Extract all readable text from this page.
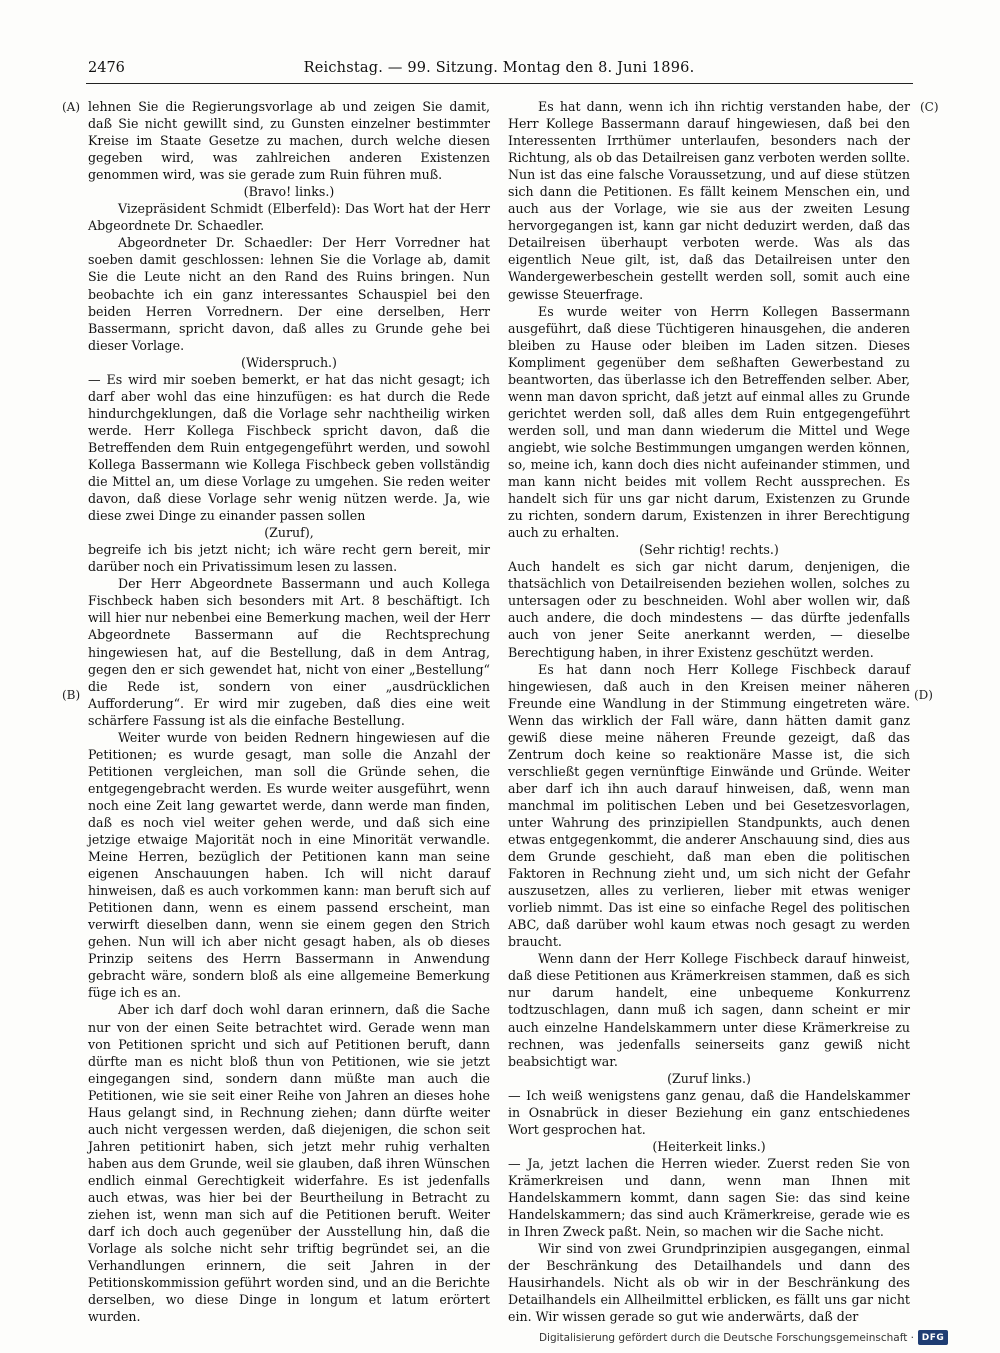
2476	Reichstag. — 99. Sitzung. Montag den 8. Juni 1896.
(A)
(B)
(C)
(D)

lehnen Sie die Regierungsvorlage ab und zeigen Sie damit, daß Sie nicht gewillt sind, zu Gunsten einzelner bestimmter Kreise im Staate Gesetze zu machen, durch welche diesen gegeben wird, was zahlreichen anderen Existenzen genommen wird, was sie gerade zum Ruin führen muß.

(Bravo! links.)

Vizepräsident Schmidt (Elberfeld): Das Wort hat der Herr Abgeordnete Dr. Schaedler.

Abgeordneter Dr. Schaedler: Der Herr Vorredner hat soeben damit geschlossen: lehnen Sie die Vorlage ab, damit Sie die Leute nicht an den Rand des Ruins bringen. Nun beobachte ich ein ganz interessantes Schauspiel bei den beiden Herren Vorrednern. Der eine derselben, Herr Bassermann, spricht davon, daß alles zu Grunde gehe bei dieser Vorlage.

(Widerspruch.)

— Es wird mir soeben bemerkt, er hat das nicht gesagt; ich darf aber wohl das eine hinzufügen: es hat durch die Rede hindurchgeklungen, daß die Vorlage sehr nachtheilig wirken werde. Herr Kollega Fischbeck spricht davon, daß die Betreffenden dem Ruin entgegengeführt werden, und sowohl Kollega Bassermann wie Kollega Fischbeck geben vollständig die Mittel an, um diese Vorlage zu umgehen. Sie reden weiter davon, daß diese Vorlage sehr wenig nützen werde. Ja, wie diese zwei Dinge zu einander passen sollen

(Zuruf),

begreife ich bis jetzt nicht; ich wäre recht gern bereit, mir darüber noch ein Privatissimum lesen zu lassen.

Der Herr Abgeordnete Bassermann und auch Kollega Fischbeck haben sich besonders mit Art. 8 beschäftigt. Ich will hier nur nebenbei eine Bemerkung machen, weil der Herr Abgeordnete Bassermann auf die Rechtsprechung hingewiesen hat, auf die Bestellung, daß in dem Antrag, gegen den er sich gewendet hat, nicht von einer „Bestellung“ die Rede ist, sondern von einer „ausdrücklichen Aufforderung“. Er wird mir zugeben, daß dies eine weit schärfere Fassung ist als die einfache Bestellung.

Weiter wurde von beiden Rednern hingewiesen auf die Petitionen; es wurde gesagt, man solle die Anzahl der Petitionen vergleichen, man soll die Gründe sehen, die entgegengebracht werden. Es wurde weiter ausgeführt, wenn noch eine Zeit lang gewartet werde, dann werde man finden, daß es noch viel weiter gehen werde, und daß sich eine jetzige etwaige Majorität noch in eine Minorität verwandle. Meine Herren, bezüglich der Petitionen kann man seine eigenen Anschauungen haben. Ich will nicht darauf hinweisen, daß es auch vorkommen kann: man beruft sich auf Petitionen dann, wenn es einem passend erscheint, man verwirft dieselben dann, wenn sie einem gegen den Strich gehen. Nun will ich aber nicht gesagt haben, als ob dieses Prinzip seitens des Herrn Bassermann in Anwendung gebracht wäre, sondern bloß als eine allgemeine Bemerkung füge ich es an.

Aber ich darf doch wohl daran erinnern, daß die Sache nur von der einen Seite betrachtet wird. Gerade wenn man von Petitionen spricht und sich auf Petitionen beruft, dann dürfte man es nicht bloß thun von Petitionen, wie sie jetzt eingegangen sind, sondern dann müßte man auch die Petitionen, wie sie seit einer Reihe von Jahren an dieses hohe Haus gelangt sind, in Rechnung ziehen; dann dürfte weiter auch nicht vergessen werden, daß diejenigen, die schon seit Jahren petitionirt haben, sich jetzt mehr ruhig verhalten haben aus dem Grunde, weil sie glauben, daß ihren Wünschen endlich einmal Gerechtigkeit widerfahre. Es ist jedenfalls auch etwas, was hier bei der Beurtheilung in Betracht zu ziehen ist, wenn man sich auf die Petitionen beruft. Weiter darf ich doch auch gegenüber der Ausstellung hin, daß die Vorlage als solche nicht sehr triftig begründet sei, an die Verhandlungen erinnern, die seit Jahren in der Petitionskommission geführt worden sind, und an die Berichte derselben, wo diese Dinge in longum et latum erörtert wurden.

Es hat dann, wenn ich ihn richtig verstanden habe, der Herr Kollege Bassermann darauf hingewiesen, daß bei den Interessenten Irrthümer unterlaufen, besonders nach der Richtung, als ob das Detailreisen ganz verboten werden sollte. Nun ist das eine falsche Voraussetzung, und auf diese stützen sich dann die Petitionen. Es fällt keinem Menschen ein, und auch aus der Vorlage, wie sie aus der zweiten Lesung hervorgegangen ist, kann gar nicht deduzirt werden, daß das Detailreisen überhaupt verboten werde. Was als das eigentlich Neue gilt, ist, daß das Detailreisen unter den Wandergewerbeschein gestellt werden soll, somit auch eine gewisse Steuerfrage.

Es wurde weiter von Herrn Kollegen Bassermann ausgeführt, daß diese Tüchtigeren hinausgehen, die anderen bleiben zu Hause oder bleiben im Laden sitzen. Dieses Kompliment gegenüber dem seßhaften Gewerbestand zu beantworten, das überlasse ich den Betreffenden selber. Aber, wenn man davon spricht, daß jetzt auf einmal alles zu Grunde gerichtet werden soll, daß alles dem Ruin entgegengeführt werden soll, und man dann wiederum die Mittel und Wege angiebt, wie solche Bestimmungen umgangen werden können, so, meine ich, kann doch dies nicht aufeinander stimmen, und man kann nicht beides mit vollem Recht aussprechen. Es handelt sich für uns gar nicht darum, Existenzen zu Grunde zu richten, sondern darum, Existenzen in ihrer Berechtigung auch zu erhalten.

(Sehr richtig! rechts.)

Auch handelt es sich gar nicht darum, denjenigen, die thatsächlich von Detailreisenden beziehen wollen, solches zu untersagen oder zu beschneiden. Wohl aber wollen wir, daß auch andere, die doch mindestens — das dürfte jedenfalls auch von jener Seite anerkannt werden, — dieselbe Berechtigung haben, in ihrer Existenz geschützt werden.

Es hat dann noch Herr Kollege Fischbeck darauf hingewiesen, daß auch in den Kreisen meiner näheren Freunde eine Wandlung in der Stimmung eingetreten wäre. Wenn das wirklich der Fall wäre, dann hätten damit ganz gewiß diese meine näheren Freunde gezeigt, daß das Zentrum doch keine so reaktionäre Masse ist, die sich verschließt gegen vernünftige Einwände und Gründe. Weiter aber darf ich ihn auch darauf hinweisen, daß, wenn man manchmal im politischen Leben und bei Gesetzesvorlagen, unter Wahrung des prinzipiellen Standpunkts, auch denen etwas entgegenkommt, die anderer Anschauung sind, dies aus dem Grunde geschieht, daß man eben die politischen Faktoren in Rechnung zieht und, um sich nicht der Gefahr auszusetzen, alles zu verlieren, lieber mit etwas weniger vorlieb nimmt. Das ist eine so einfache Regel des politischen ABC, daß darüber wohl kaum etwas noch gesagt zu werden braucht.

Wenn dann der Herr Kollege Fischbeck darauf hinweist, daß diese Petitionen aus Krämerkreisen stammen, daß es sich nur darum handelt, eine unbequeme Konkurrenz todtzuschlagen, dann muß ich sagen, dann scheint er mir auch einzelne Handelskammern unter diese Krämerkreise zu rechnen, was jedenfalls seinerseits ganz gewiß nicht beabsichtigt war.

(Zuruf links.)

— Ich weiß wenigstens ganz genau, daß die Handelskammer in Osnabrück in dieser Beziehung ein ganz entschiedenes Wort gesprochen hat.

(Heiterkeit links.)

— Ja, jetzt lachen die Herren wieder. Zuerst reden Sie von Krämerkreisen und dann, wenn man Ihnen mit Handelskammern kommt, dann sagen Sie: das sind keine Handelskammern; das sind auch Krämerkreise, gerade wie es in Ihren Zweck paßt. Nein, so machen wir die Sache nicht.

Wir sind von zwei Grundprinzipien ausgegangen, einmal der Beschränkung des Detailhandels und dann des Hausirhandels. Nicht als ob wir in der Beschränkung des Detailhandels ein Allheilmittel erblicken, es fällt uns gar nicht ein. Wir wissen gerade so gut wie anderwärts, daß der

Digitalisierung gefördert durch die Deutsche Forschungsgemeinschaft · DFG
